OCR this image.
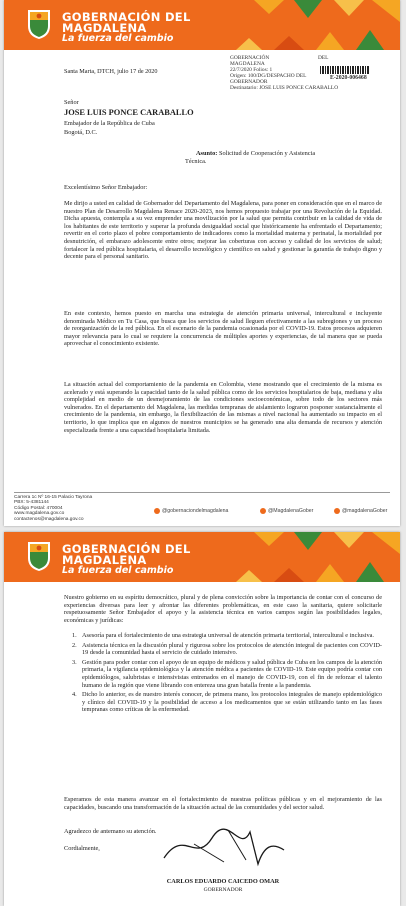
GOBERNACIÓN DEL
MAGDALENA
La fuerza del cambio
Santa Marta, DTCH, julio 17 de 2020
GOBERNACIÓN	DEL
MAGDALENA
22/7/2020 Folios: 1
Origen: 100/DG/DESPACHO DEL
GOBERNADOR
Destinatario: JOSE LUIS PONCE CARABALLO
E-2020-006468
Señor
JOSE LUIS PONCE CARABALLO
Embajador de la República de Cuba
Bogotá, D.C.
Asunto: Solicitud de Cooperación y Asistencia
Técnica.
Excelentísimo Señor Embajador:
Me dirijo a usted en calidad de Gobernador del Departamento del Magdalena, para poner en consideración que en el marco de nuestro Plan de Desarrollo Magdalena Renace 2020-2023, nos hemos propuesto trabajar por una Revolución de la Equidad. Dicha apuesta, contempla a su vez emprender una movilización por la salud que permita contribuir en la calidad de vida de los habitantes de este territorio y superar la profunda desigualdad social que históricamente ha enfrentado el Departamento; revertir en el corto plazo el pobre comportamiento de indicadores como la mortalidad materna y perinatal, la mortalidad por desnutrición, el embarazo adolescente entre otros; mejorar las coberturas con acceso y calidad de los servicios de salud; fortalecer la red pública hospitalaria, el desarrollo tecnológico y científico en salud y gestionar la garantía de trabajo digno y decente para el personal sanitario.
En este contexto, hemos puesto en marcha una estrategia de atención primaria universal, intercultural e incluyente denominada Médico en Tu Casa, que busca que los servicios de salud lleguen efectivamente a las subregiones y un proceso de reorganización de la red pública. En el escenario de la pandemia ocasionada por el COVID-19. Estos procesos adquieren mayor relevancia para lo cual se requiere la concurrencia de múltiples aportes y experiencias, de tal manera que se pueda aprovechar el conocimiento existente.
La situación actual del comportamiento de la pandemia en Colombia, viene mostrando que el crecimiento de la misma es acelerado y está superando la capacidad tanto de la salud pública como de los servicios hospitalarios de baja, mediana y alta complejidad en medio de un desmejoramiento de las condiciones socioeconómicas, sobre todo de los sectores más vulnerados. En el departamento del Magdalena, las medidas tempranas de aislamiento lograron posponer sustancialmente el crecimiento de la pandemia, sin embargo, la flexibilización de las mismas a nivel nacional ha aumentado su impacto en el territorio, lo que implica que en algunos de nuestros municipios se ha generado una alta demanda de recursos y atención especializada frente a una capacidad hospitalaria limitada.
Carrera 1c Nº 16-15 Palacio Tayrona
PBX: 5-4381144
Código Postal: 470004
www.magdalena.gov.co
contactenos@magdalena.gov.co
@gobernaciondelmagdalena	@MagdalenaGober	@magdalenaGober
GOBERNACIÓN DEL
MAGDALENA
La fuerza del cambio
Nuestro gobierno en su espíritu democrático, plural y de plena convicción sobre la importancia de contar con el concurso de experiencias diversas para leer y afrontar las diferentes problemáticas, en este caso la sanitaria, quiere solicitarle respetuosamente Señor Embajador el apoyo y la asistencia técnica en varios campos según las posibilidades legales, económicas y jurídicas:
1. Asesoría para el fortalecimiento de una estrategia universal de atención primaria territorial, intercultural e inclusiva.
2. Asistencia técnica en la discusión plural y rigurosa sobre los protocolos de atención integral de pacientes con COVID-19 desde la comunidad hasta el servicio de cuidado intensivo.
3. Gestión para poder contar con el apoyo de un equipo de médicos y salud pública de Cuba en los campos de la atención primaria, la vigilancia epidemiológica y la atención médica a pacientes de COVID-19. Este equipo podría contar con epidemiólogos, salubristas e intensivistas entrenados en el manejo de COVID-19, con el fin de reforzar el talento humano de la región que viene librando con entereza una gran batalla frente a la pandemia.
4. Dicho lo anterior, es de nuestro interés conocer, de primera mano, los protocolos integrales de manejo epidemiológico y clínico del COVID-19 y la posibilidad de acceso a los medicamentos que se están utilizando tanto en las fases tempranas como críticas de la enfermedad.
Esperamos de esta manera avanzar en el fortalecimiento de nuestras políticas públicas y en el mejoramiento de las capacidades, buscando una transformación de la situación actual de las comunidades y del sector salud.
Agradezco de antemano su atención.
Cordialmente,
CARLOS EDUARDO CAICEDO OMAR
GOBERNADOR
